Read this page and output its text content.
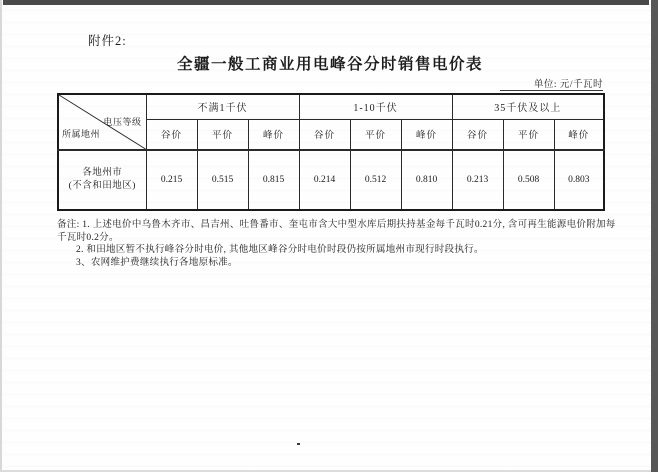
附件2:
全疆一般工商业用电峰谷分时销售电价表
单位: 元/千瓦时
电压等级
所属地州	不满1千伏			1-10千伏			35千伏及以上		
	谷价	平价	峰价	谷价	平价	峰价	谷价	平价	峰价

各地州市
(不含和田地区)	0.215	0.515	0.815	0.214	0.512	0.810	0.213	0.508	0.803

备注: 1. 上述电价中乌鲁木齐市、昌吉州、吐鲁番市、奎屯市含大中型水库后期扶持基金每千瓦时0.21分, 含可再生能源电价附加每千瓦时0.2分。

2. 和田地区暂不执行峰谷分时电价, 其他地区峰谷分时电价时段仍按所属地州市现行时段执行。

3、农网维护费继续执行各地原标准。
